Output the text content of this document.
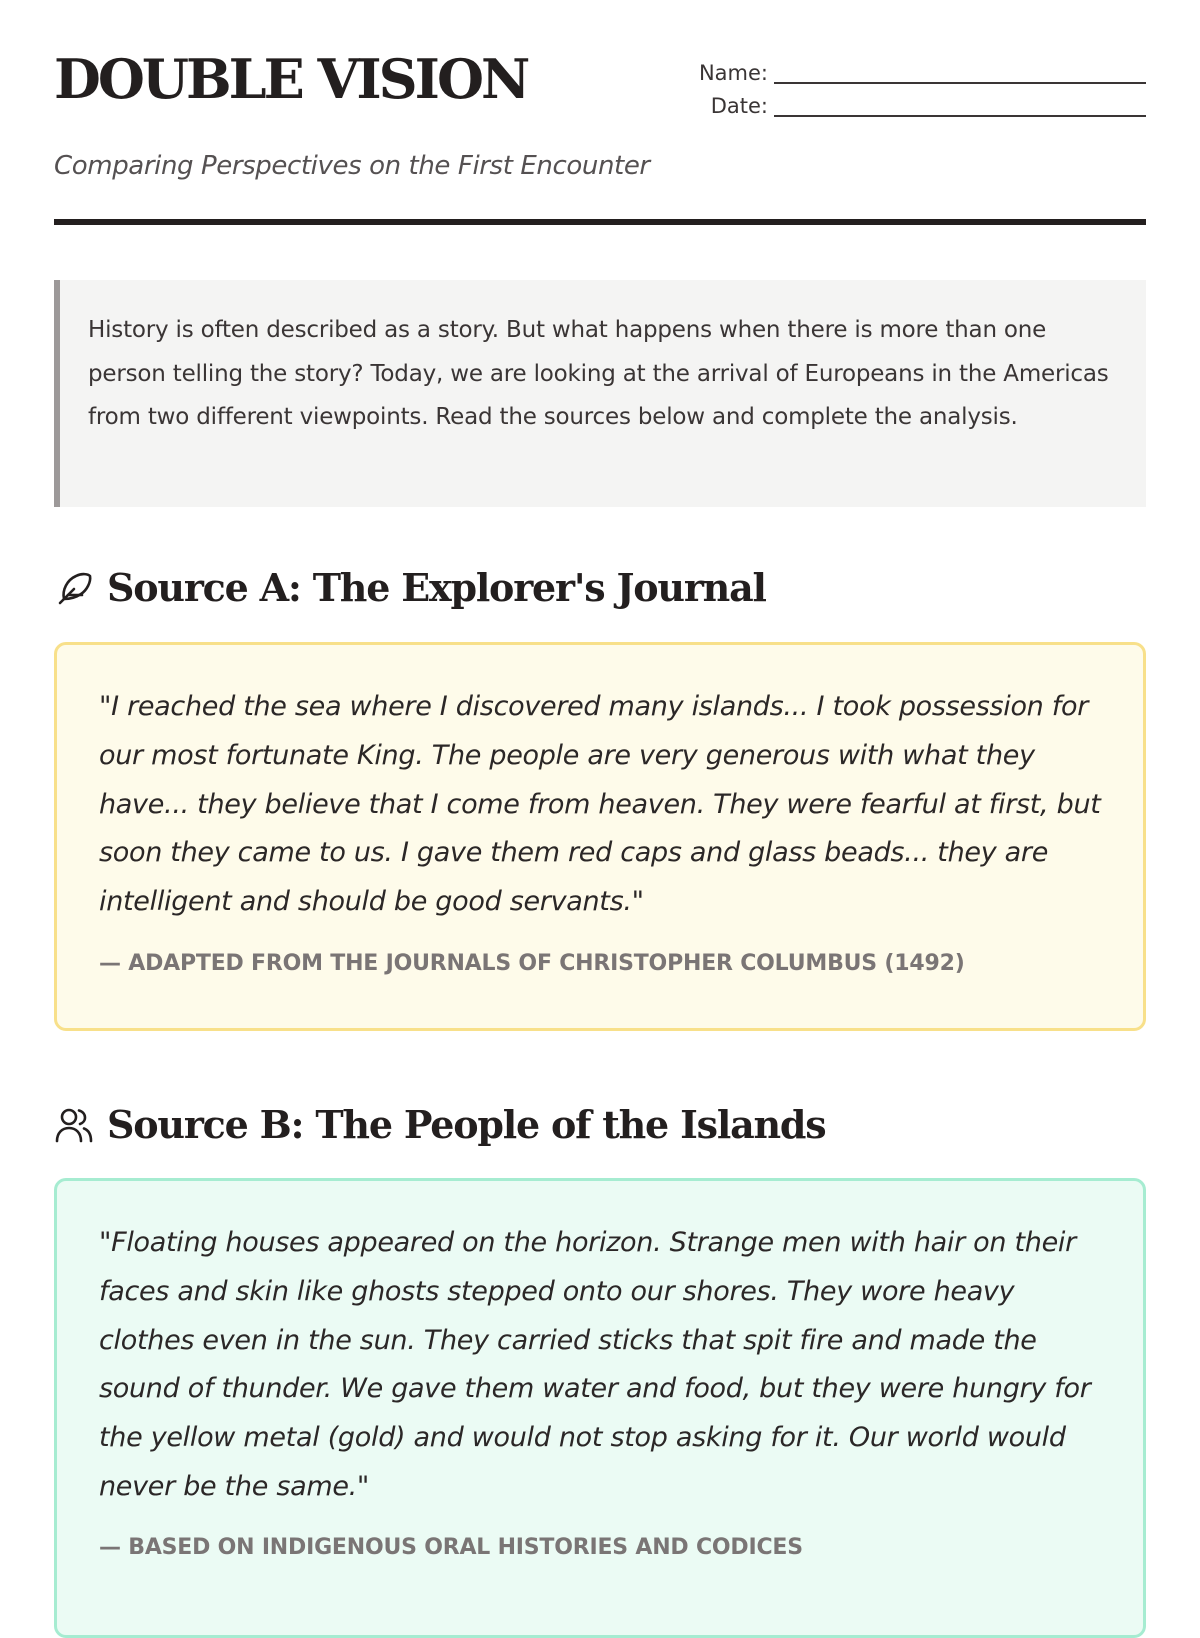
DOUBLE VISION	Name:
Date:

Comparing Perspectives on the First Encounter

History is often described as a story. But what happens when there is more than one person telling the story? Today, we are looking at the arrival of Europeans in the Americas from two different viewpoints. Read the sources below and complete the analysis.
Source A: The Explorer's Journal

"I reached the sea where I discovered many islands... I took possession for our most fortunate King. The people are very generous with what they have... they believe that I come from heaven. They were fearful at first, but soon they came to us. I gave them red caps and glass beads... they are intelligent and should be good servants."

— ADAPTED FROM THE JOURNALS OF CHRISTOPHER COLUMBUS (1492)

Source B: The People of the Islands

"Floating houses appeared on the horizon. Strange men with hair on their faces and skin like ghosts stepped onto our shores. They wore heavy clothes even in the sun. They carried sticks that spit fire and made the sound of thunder. We gave them water and food, but they were hungry for the yellow metal (gold) and would not stop asking for it. Our world would never be the same."

— BASED ON INDIGENOUS ORAL HISTORIES AND CODICES
